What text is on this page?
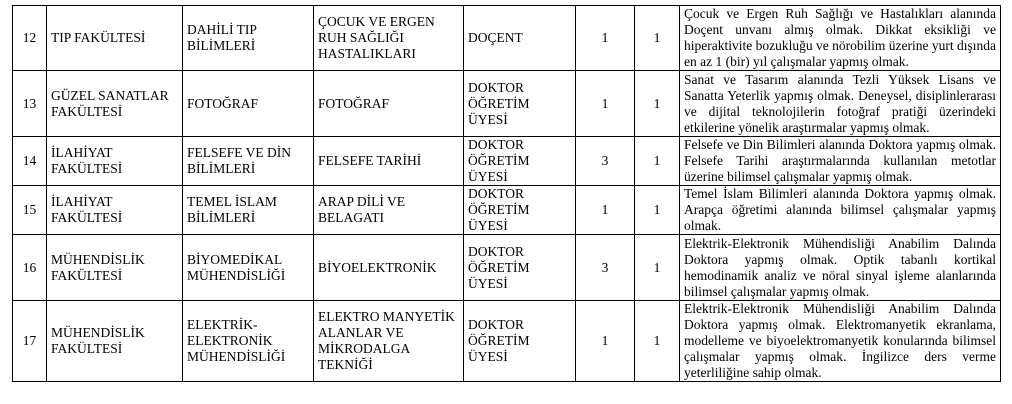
12	TIP FAKÜLTESİ	DAHİLİ TIP BİLİMLERİ	ÇOCUK VE ERGEN RUH SAĞLIĞI HASTALIKLARI	DOÇENT	1	1	Çocuk ve Ergen Ruh Sağlığı ve Hastalıkları alanında Doçent unvanı almış olmak. Dikkat eksikliği ve hiperaktivite bozukluğu ve nörobilim üzerine yurt dışında en az 1 (bir) yıl çalışmalar yapmış olmak.

13	GÜZEL SANATLAR FAKÜLTESİ	FOTOĞRAF	FOTOĞRAF	DOKTOR ÖĞRETİM ÜYESİ	1	1	Sanat ve Tasarım alanında Tezli Yüksek Lisans ve Sanatta Yeterlik yapmış olmak. Deneysel, disiplinlerarası ve dijital teknolojilerin fotoğraf pratiği üzerindeki etkilerine yönelik araştırmalar yapmış olmak.

14	İLAHİYAT FAKÜLTESİ	FELSEFE VE DİN BİLİMLERİ	FELSEFE TARİHİ	DOKTOR ÖĞRETİM ÜYESİ	3	1	Felsefe ve Din Bilimleri alanında Doktora yapmış olmak. Felsefe Tarihi araştırmalarında kullanılan metotlar üzerine bilimsel çalışmalar yapmış olmak.

15	İLAHİYAT FAKÜLTESİ	TEMEL İSLAM BİLİMLERİ	ARAP DİLİ VE BELAGATI	DOKTOR ÖĞRETİM ÜYESİ	1	1	Temel İslam Bilimleri alanında Doktora yapmış olmak. Arapça öğretimi alanında bilimsel çalışmalar yapmış olmak.

16	MÜHENDİSLİK FAKÜLTESİ	BİYOMEDİKAL MÜHENDİSLİĞİ	BİYOELEKTRONİK	DOKTOR ÖĞRETİM ÜYESİ	3	1	Elektrik-Elektronik Mühendisliği Anabilim Dalında Doktora yapmış olmak. Optik tabanlı kortikal hemodinamik analiz ve nöral sinyal işleme alanlarında bilimsel çalışmalar yapmış olmak.

17	MÜHENDİSLİK FAKÜLTESİ	ELEKTRİK-ELEKTRONİK MÜHENDİSLİĞİ	ELEKTRO MANYETİK ALANLAR VE MİKRODALGA TEKNİĞİ	DOKTOR ÖĞRETİM ÜYESİ	1	1	Elektrik-Elektronik Mühendisliği Anabilim Dalında Doktora yapmış olmak. Elektromanyetik ekranlama, modelleme ve biyoelektromanyetik konularında bilimsel çalışmalar yapmış olmak. İngilizce ders verme yeterliliğine sahip olmak.
